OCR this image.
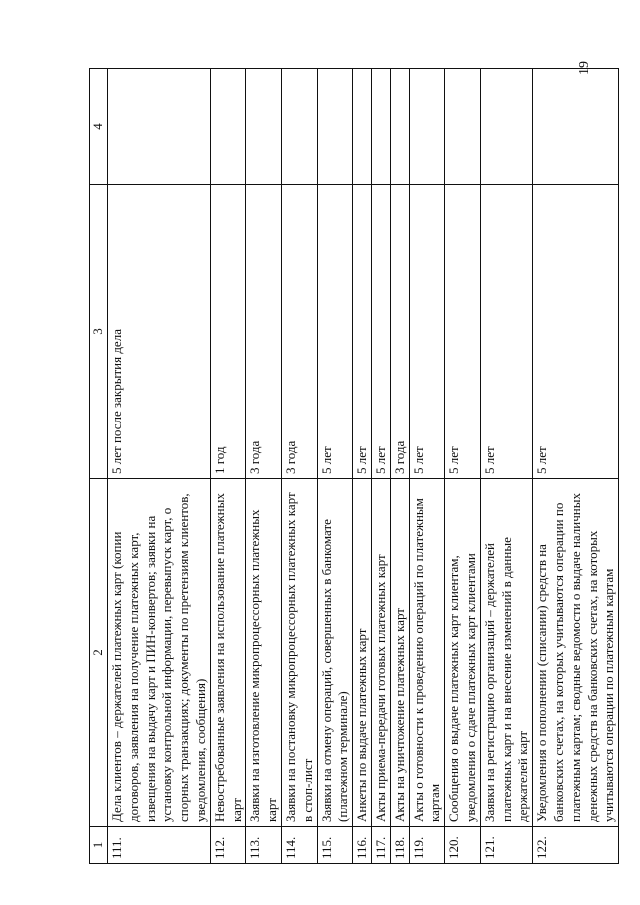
1	2	3	4
111.	Дела клиентов – держателей платежных карт (копии договоров, заявления на получение платежных карт, извещения на выдачу карт и ПИН-конвертов; заявки на установку контрольной информации, перевыпуск карт, о спорных транзакциях; документы по претензиям клиентов, уведомления, сообщения)	5 лет после закрытия дела	
112.	Невостребованные заявления на использование платежных карт	1 год	
113.	Заявки на изготовление микропроцессорных платежных карт	3 года	
114.	Заявки на постановку микропроцессорных платежных карт в стоп-лист	3 года	
115.	Заявки на отмену операций, совершенных в банкомате (платежном терминале)	5 лет	
116.	Анкеты по выдаче платежных карт	5 лет	
117.	Акты приема-передачи готовых платежных карт	5 лет	
118.	Акты на уничтожение платежных карт	3 года	
119.	Акты о готовности к проведению операций по платежным картам	5 лет	
120.	Сообщения о выдаче платежных карт клиентам, уведомления о сдаче платежных карт клиентами	5 лет	
121.	Заявки на регистрацию организаций – держателей платежных карт и на внесение изменений в данные держателей карт	5 лет	
122.	Уведомления о пополнении (списании) средств на банковских счетах, на которых учитываются операции по платежным картам; сводные ведомости о выдаче наличных денежных средств на банковских счетах, на которых учитываются операции по платежным картам	5 лет	
19
